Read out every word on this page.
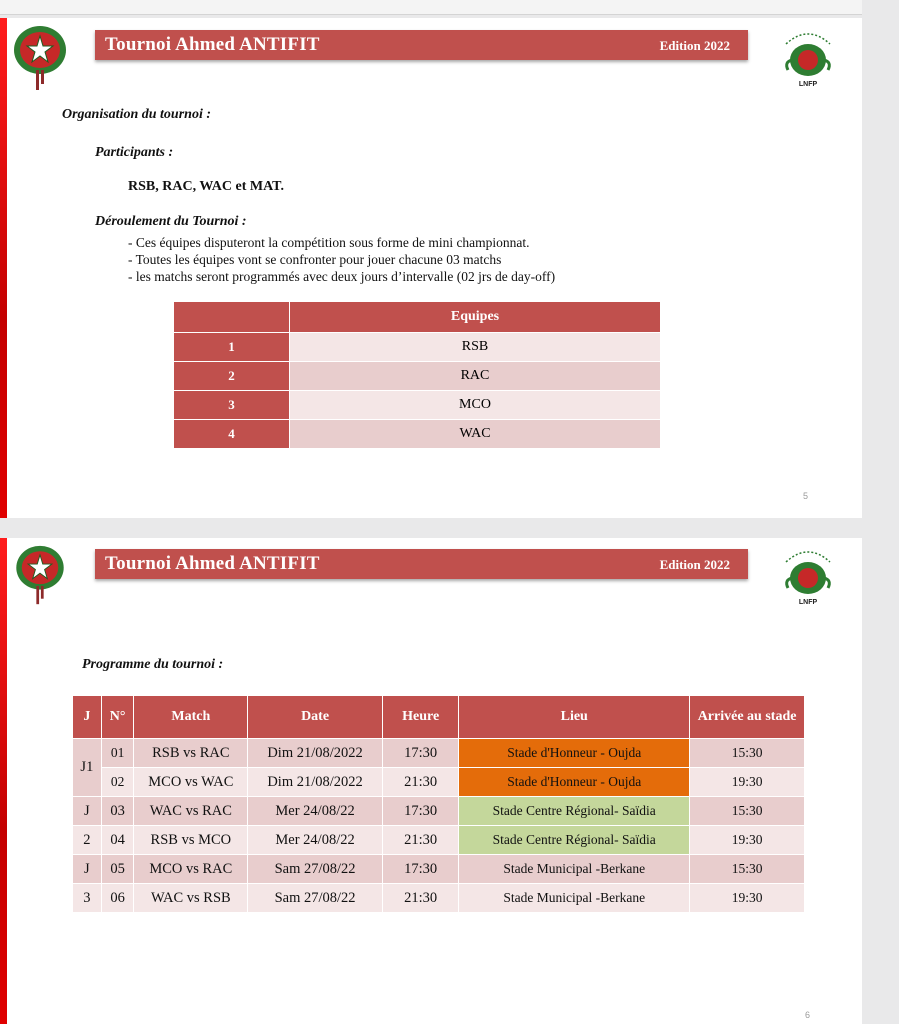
Tournoi Ahmed ANTIFIT	Edition 2022
LNFP
Organisation du tournoi :
Participants :
RSB, RAC, WAC et MAT.
Déroulement du Tournoi :
- Ces équipes disputeront la compétition sous forme de mini championnat.
- Toutes les équipes vont se confronter pour jouer chacune 03 matchs
- les matchs seront programmés avec deux jours d’intervalle (02 jrs de day-off)
	Equipes
1	RSB
2	RAC
3	MCO
4	WAC
5
Tournoi Ahmed ANTIFIT	Edition 2022
LNFP
Programme du tournoi :
J	N°	Match	Date	Heure	Lieu	Arrivée au stade
J1	01	RSB vs RAC	Dim 21/08/2022	17:30	Stade d'Honneur - Oujda	15:30
	02	MCO vs WAC	Dim 21/08/2022	21:30	Stade d'Honneur - Oujda	19:30
J	03	WAC vs RAC	Mer 24/08/22	17:30	Stade Centre Régional- Saïdia	15:30
2	04	RSB vs MCO	Mer 24/08/22	21:30	Stade Centre Régional- Saïdia	19:30
J	05	MCO vs RAC	Sam 27/08/22	17:30	Stade Municipal -Berkane	15:30
3	06	WAC vs RSB	Sam 27/08/22	21:30	Stade Municipal -Berkane	19:30
6
